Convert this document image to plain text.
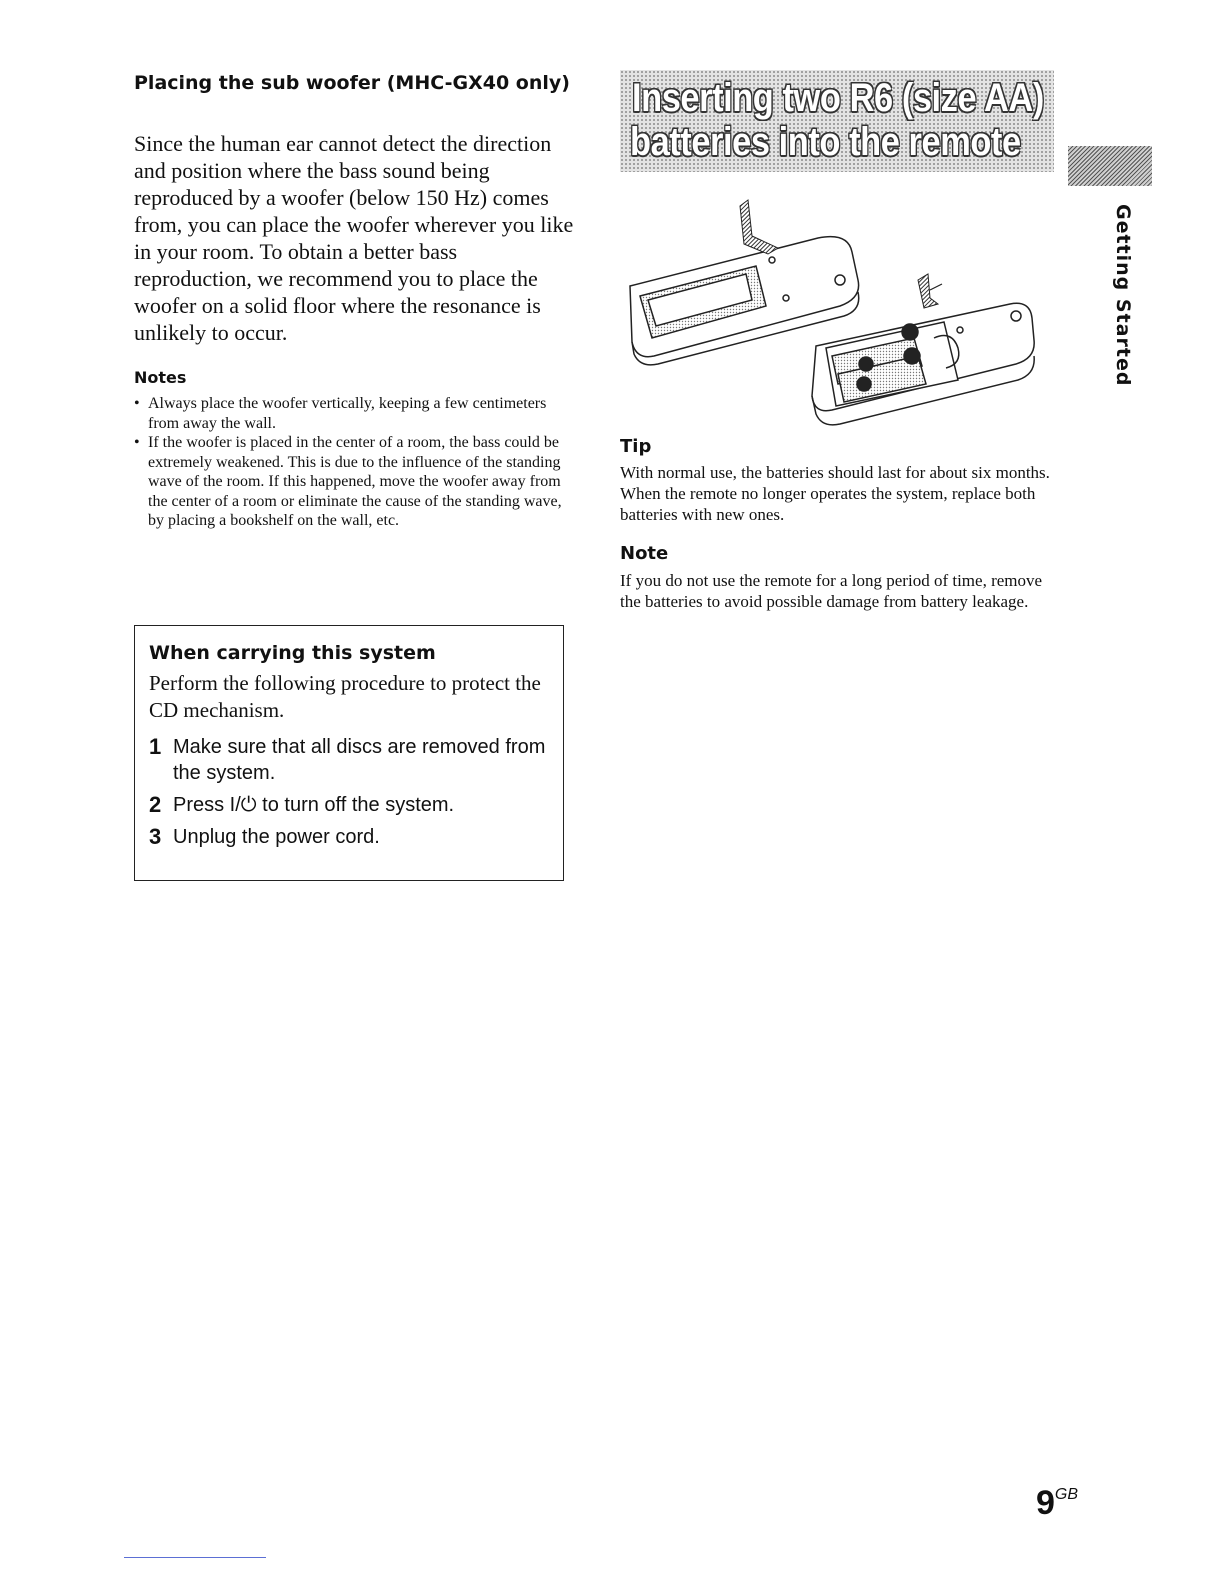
Placing the sub woofer (MHC-GX40 only)

Since the human ear cannot detect the direction and position where the bass sound being reproduced by a woofer (below 150 Hz) comes from, you can place the woofer wherever you like in your room. To obtain a better bass reproduction, we recommend you to place the woofer on a solid floor where the resonance is unlikely to occur.

Notes
• Always place the woofer vertically, keeping a few centimeters from away the wall.
• If the woofer is placed in the center of a room, the bass could be extremely weakened. This is due to the influence of the standing wave of the room. If this happened, move the woofer away from the center of a room or eliminate the cause of the standing wave, by placing a bookshelf on the wall, etc.
When carrying this system

Perform the following procedure to protect the CD mechanism.

1 Make sure that all discs are removed from the system.
2 Press I/⏻ to turn off the system.
3 Unplug the power cord.
Inserting two R6 (size AA)
batteries into the remote
Tip

With normal use, the batteries should last for about six months. When the remote no longer operates the system, replace both batteries with new ones.

Note

If you do not use the remote for a long period of time, remove the batteries to avoid possible damage from battery leakage.

Getting Started
$9^{GB}$
